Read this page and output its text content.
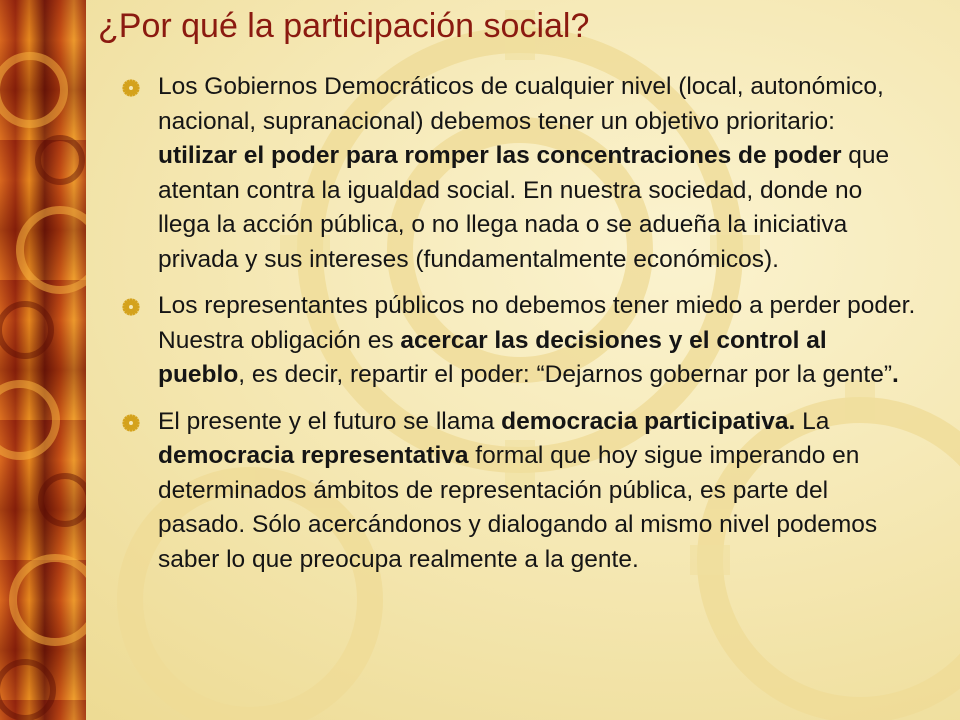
¿Por qué la participación social?
Los Gobiernos Democráticos de cualquier nivel (local, autonómico, nacional, supranacional) debemos tener un objetivo prioritario: utilizar el poder para romper las concentraciones de poder que atentan contra la igualdad social. En nuestra sociedad, donde no llega la acción pública, o no llega nada o se adueña la iniciativa privada y sus intereses (fundamentalmente económicos).
Los representantes públicos no debemos tener miedo a perder poder. Nuestra obligación es acercar las decisiones y el control al pueblo, es decir, repartir el poder: “Dejarnos gobernar por la gente”.
El presente y el futuro se llama democracia participativa. La democracia representativa formal que hoy sigue imperando en determinados ámbitos de representación pública, es parte del pasado. Sólo acercándonos y dialogando al mismo nivel podemos saber lo que preocupa realmente a la gente.
